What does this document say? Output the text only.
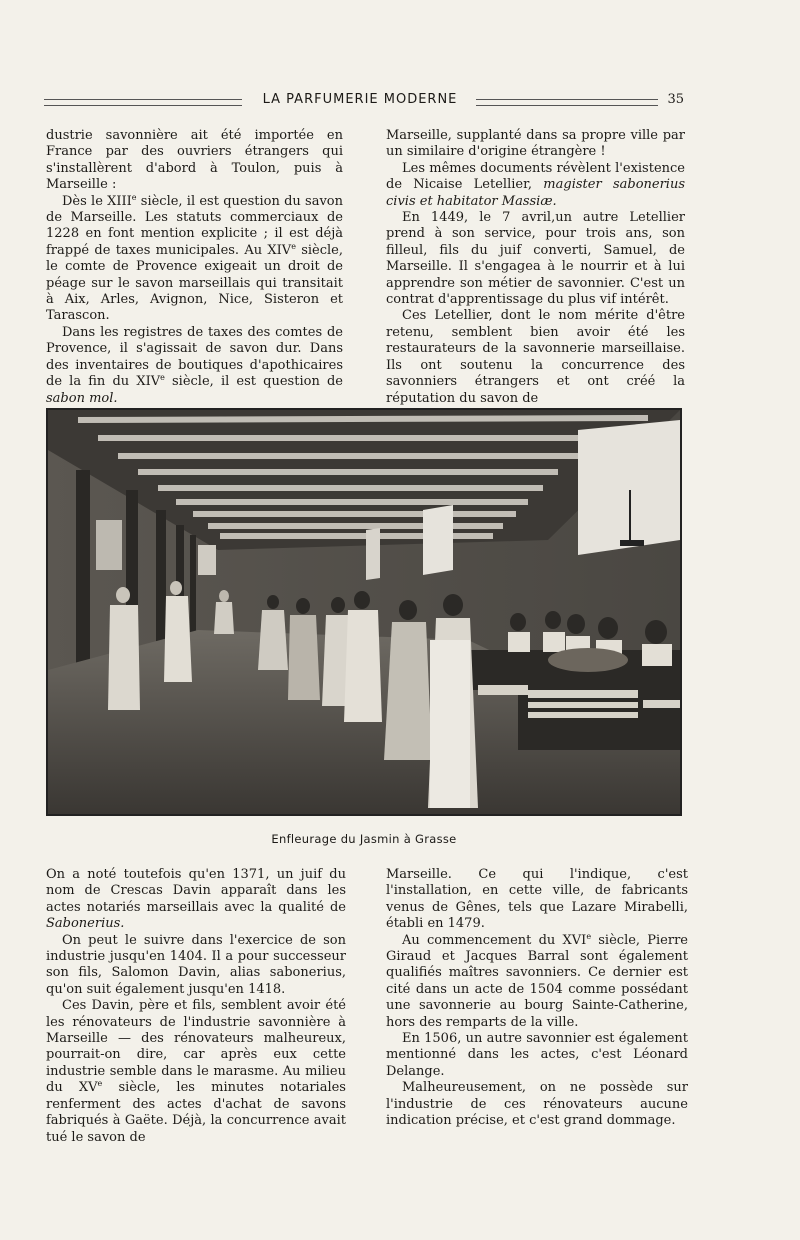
LA PARFUMERIE MODERNE	35

dustrie savonnière ait été importée en France par des ouvriers étrangers qui s'installèrent d'abord à Toulon, puis à Marseille :

Dès le XIIIe siècle, il est question du savon de Marseille. Les statuts commerciaux de 1228 en font mention explicite ; il est déjà frappé de taxes municipales. Au XIVe siècle, le comte de Provence exigeait un droit de péage sur le savon marseillais qui transitait à Aix, Arles, Avignon, Nice, Sisteron et Tarascon.

Dans les registres de taxes des comtes de Provence, il s'agissait de savon dur. Dans des inventaires de boutiques d'apothicaires de la fin du XIVe siècle, il est question de sabon mol.

Marseille, supplanté dans sa propre ville par un similaire d'origine étrangère !

Les mêmes documents révèlent l'existence de Nicaise Letellier, magister sabonerius civis et habitator Massiæ.

En 1449, le 7 avril,un autre Letellier prend à son service, pour trois ans, son filleul, fils du juif converti, Samuel, de Marseille. Il s'engagea à le nourrir et à lui apprendre son métier de savonnier. C'est un contrat d'apprentissage du plus vif intérêt.

Ces Letellier, dont le nom mérite d'être retenu, semblent bien avoir été les restaurateurs de la savonnerie marseillaise. Ils ont soutenu la concurrence des savonniers étrangers et ont créé la réputation du savon de

Enfleurage du Jasmin à Grasse

On a noté toutefois qu'en 1371, un juif du nom de Crescas Davin apparaît dans les actes notariés marseillais avec la qualité de Sabonerius.

On peut le suivre dans l'exercice de son industrie jusqu'en 1404. Il a pour successeur son fils, Salomon Davin, alias sabonerius, qu'on suit également jusqu'en 1418.

Ces Davin, père et fils, semblent avoir été les rénovateurs de l'industrie savonnière à Marseille — des rénovateurs malheureux, pourrait-on dire, car après eux cette industrie semble dans le marasme. Au milieu du XVe siècle, les minutes notariales renferment des actes d'achat de savons fabriqués à Gaëte. Déjà, la concurrence avait tué le savon de

Marseille. Ce qui l'indique, c'est l'installation, en cette ville, de fabricants venus de Gênes, tels que Lazare Mirabelli, établi en 1479.

Au commencement du XVIe siècle, Pierre Giraud et Jacques Barral sont également qualifiés maîtres savonniers. Ce dernier est cité dans un acte de 1504 comme possédant une savonnerie au bourg Sainte-Catherine, hors des remparts de la ville.

En 1506, un autre savonnier est également mentionné dans les actes, c'est Léonard Delange.

Malheureusement, on ne possède sur l'industrie de ces rénovateurs aucune indication précise, et c'est grand dommage.
